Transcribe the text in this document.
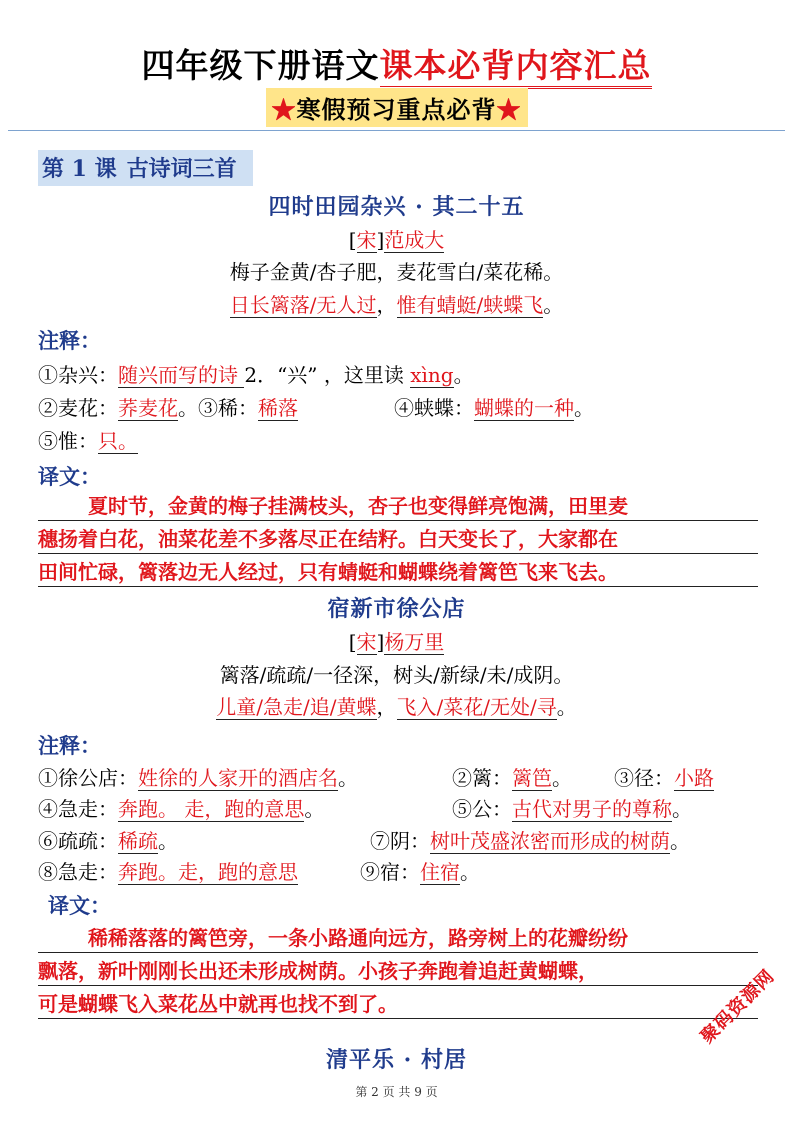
四年级下册语文课本必背内容汇总
★寒假预习重点必背★
第 1 课 古诗词三首
四时田园杂兴 · 其二十五
[宋]范成大
梅子金黄/杏子肥，麦花雪白/菜花稀。
日长篱落/无人过，惟有蜻蜓/蛱蝶飞。
注释：
①杂兴：随兴而写的诗 2．“兴” ，这里读 xìng。
②麦花：荞麦花。③稀：稀落	④蛱蝶：蝴蝶的一种。
⑤惟：只。
译文：
夏时节，金黄的梅子挂满枝头，杏子也变得鲜亮饱满，田里麦
穗扬着白花，油菜花差不多落尽正在结籽。白天变长了，大家都在
田间忙碌，篱落边无人经过，只有蜻蜓和蝴蝶绕着篱笆飞来飞去。
宿新市徐公店
[宋]杨万里
篱落/疏疏/一径深，树头/新绿/未/成阴。
儿童/急走/追/黄蝶，飞入/菜花/无处/寻。
注释：
①徐公店：姓徐的人家开的酒店名。	②篱：篱笆。 ③径：小路
④急走：奔跑。 走，跑的意思。	⑤公：古代对男子的尊称。
⑥疏疏：稀疏。	⑦阴：树叶茂盛浓密而形成的树荫。
⑧急走：奔跑。走，跑的意思	⑨宿：住宿。
译文：
稀稀落落的篱笆旁，一条小路通向远方，路旁树上的花瓣纷纷
飘落，新叶刚刚长出还未形成树荫。小孩子奔跑着追赶黄蝴蝶，
可是蝴蝶飞入菜花丛中就再也找不到了。
清平乐 · 村居
聚码资源网
第 2 页 共 9 页
